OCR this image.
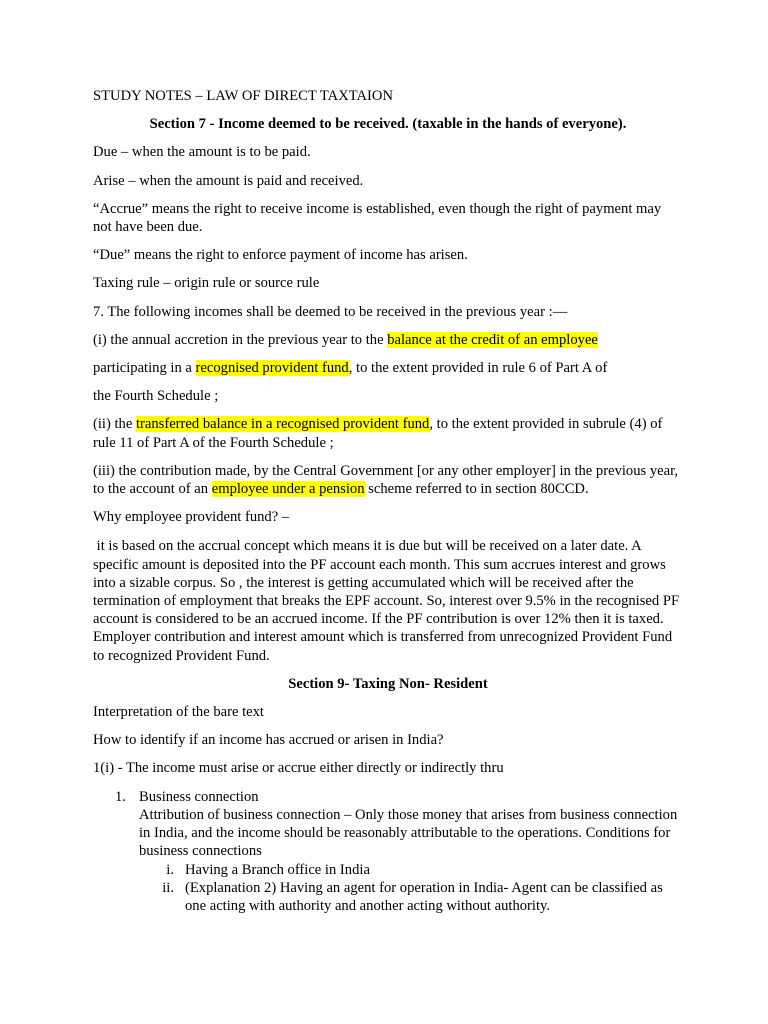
STUDY NOTES – LAW OF DIRECT TAXTAION

Section 7 - Income deemed to be received. (taxable in the hands of everyone).

Due – when the amount is to be paid.

Arise – when the amount is paid and received.

“Accrue” means the right to receive income is established, even though the right of payment may not have been due.

“Due” means the right to enforce payment of income has arisen.

Taxing rule – origin rule or source rule

7. The following incomes shall be deemed to be received in the previous year :—

(i) the annual accretion in the previous year to the balance at the credit of an employee

participating in a recognised provident fund, to the extent provided in rule 6 of Part A of

the Fourth Schedule ;

(ii) the transferred balance in a recognised provident fund, to the extent provided in subrule (4) of rule 11 of Part A of the Fourth Schedule ;

(iii) the contribution made, by the Central Government [or any other employer] in the previous year, to the account of an employee under a pension scheme referred to in section 80CCD.

Why employee provident fund? –

it is based on the accrual concept which means it is due but will be received on a later date. A specific amount is deposited into the PF account each month. This sum accrues interest and grows into a sizable corpus. So , the interest is getting accumulated which will be received after the termination of employment that breaks the EPF account. So, interest over 9.5% in the recognised PF account is considered to be an accrued income. If the PF contribution is over 12% then it is taxed. Employer contribution and interest amount which is transferred from unrecognized Provident Fund to recognized Provident Fund.

Section 9- Taxing Non- Resident

Interpretation of the bare text

How to identify if an income has accrued or arisen in India?

1(i) - The income must arise or accrue either directly or indirectly thru

1. Business connection
Attribution of business connection – Only those money that arises from business connection in India, and the income should be reasonably attributable to the operations. Conditions for business connections
i. Having a Branch office in India
ii. (Explanation 2) Having an agent for operation in India- Agent can be classified as one acting with authority and another acting without authority.
